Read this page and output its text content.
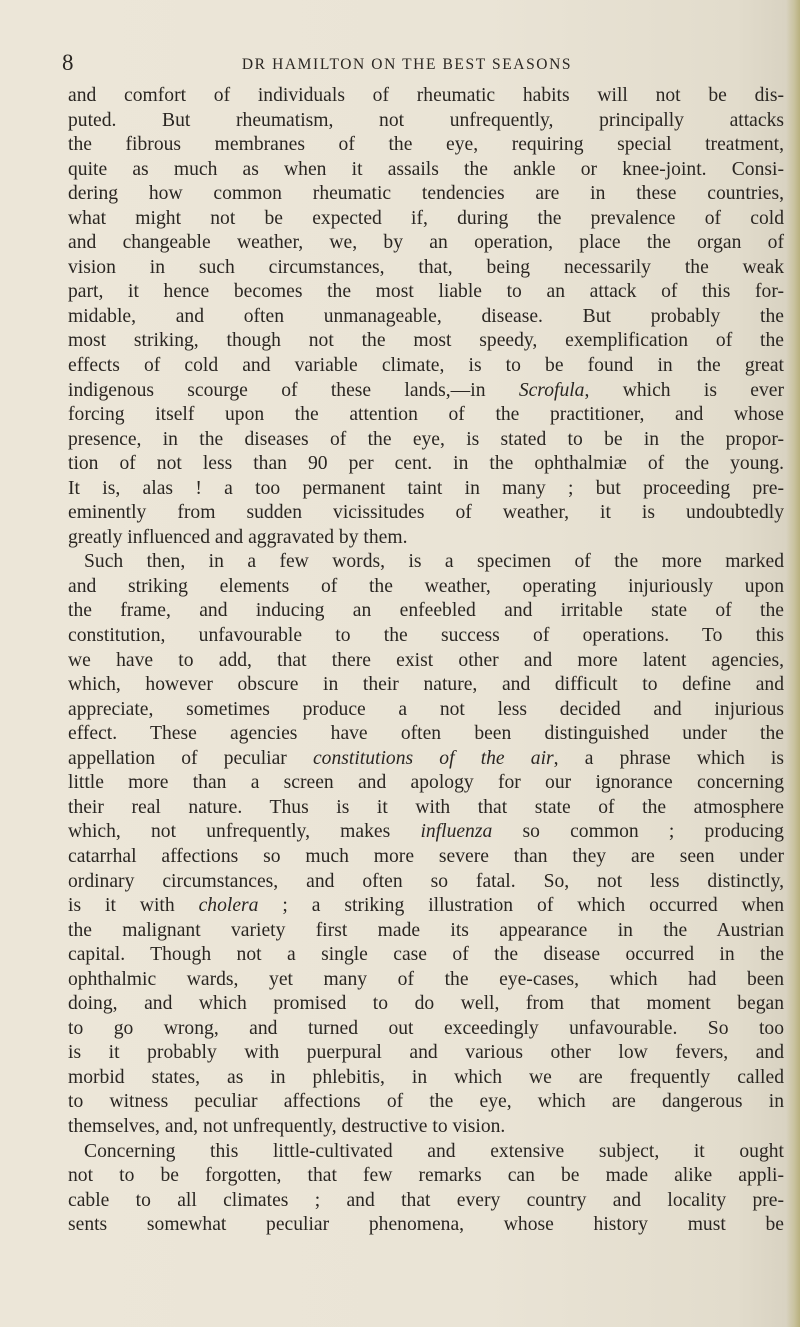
8	DR HAMILTON ON THE BEST SEASONS
and comfort of individuals of rheumatic habits will not be dis-
puted. But rheumatism, not unfrequently, principally attacks
the fibrous membranes of the eye, requiring special treatment,
quite as much as when it assails the ankle or knee-joint. Consi-
dering how common rheumatic tendencies are in these countries,
what might not be expected if, during the prevalence of cold
and changeable weather, we, by an operation, place the organ of
vision in such circumstances, that, being necessarily the weak
part, it hence becomes the most liable to an attack of this for-
midable, and often unmanageable, disease. But probably the
most striking, though not the most speedy, exemplification of the
effects of cold and variable climate, is to be found in the great
indigenous scourge of these lands,—in Scrofula, which is ever
forcing itself upon the attention of the practitioner, and whose
presence, in the diseases of the eye, is stated to be in the propor-
tion of not less than 90 per cent. in the ophthalmiæ of the young.
It is, alas ! a too permanent taint in many ; but proceeding pre-
eminently from sudden vicissitudes of weather, it is undoubtedly
greatly influenced and aggravated by them.
Such then, in a few words, is a specimen of the more marked
and striking elements of the weather, operating injuriously upon
the frame, and inducing an enfeebled and irritable state of the
constitution, unfavourable to the success of operations. To this
we have to add, that there exist other and more latent agencies,
which, however obscure in their nature, and difficult to define and
appreciate, sometimes produce a not less decided and injurious
effect. These agencies have often been distinguished under the
appellation of peculiar constitutions of the air, a phrase which is
little more than a screen and apology for our ignorance concerning
their real nature. Thus is it with that state of the atmosphere
which, not unfrequently, makes influenza so common ; producing
catarrhal affections so much more severe than they are seen under
ordinary circumstances, and often so fatal. So, not less distinctly,
is it with cholera ; a striking illustration of which occurred when
the malignant variety first made its appearance in the Austrian
capital. Though not a single case of the disease occurred in the
ophthalmic wards, yet many of the eye-cases, which had been
doing, and which promised to do well, from that moment began
to go wrong, and turned out exceedingly unfavourable. So too
is it probably with puerpural and various other low fevers, and
morbid states, as in phlebitis, in which we are frequently called
to witness peculiar affections of the eye, which are dangerous in
themselves, and, not unfrequently, destructive to vision.
Concerning this little-cultivated and extensive subject, it ought
not to be forgotten, that few remarks can be made alike appli-
cable to all climates ; and that every country and locality pre-
sents somewhat peculiar phenomena, whose history must be
